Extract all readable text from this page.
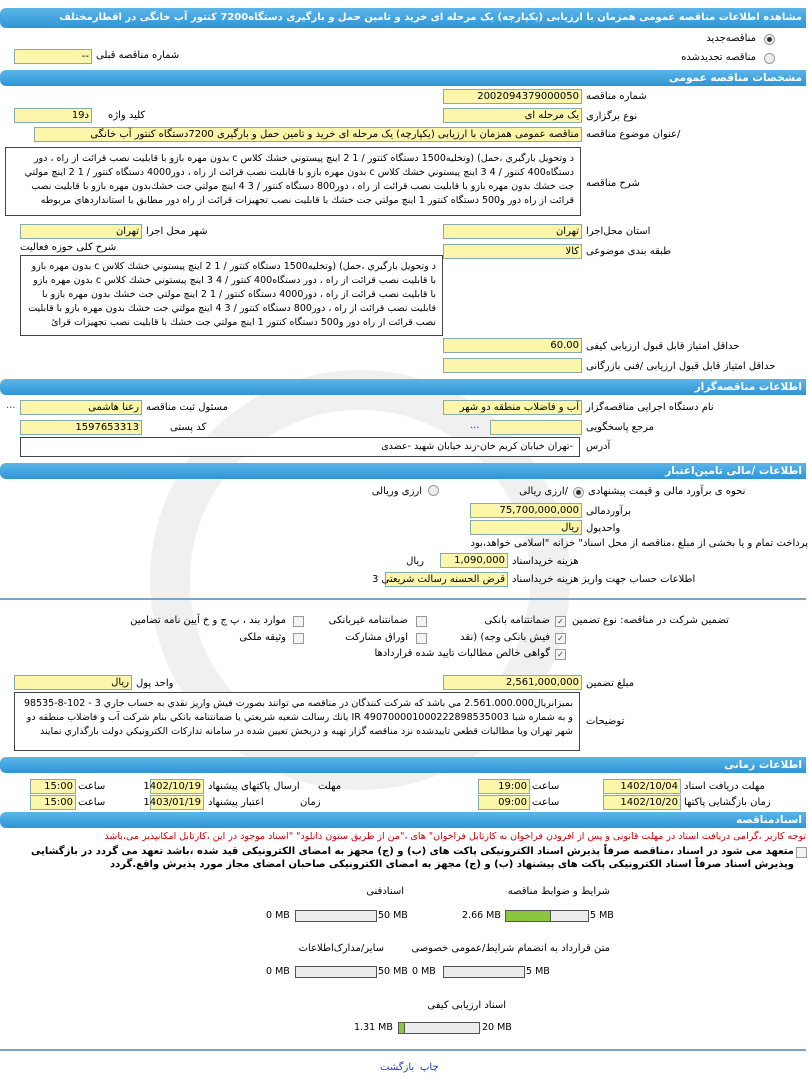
مشاهده اطلاعات مناقصه عمومی همزمان با ارزیابی (یکپارچه) یک مرحله ای خرید و تامین حمل و بارگیری دستگاه7200 کنتور آب خانگی در اقطارمختلف
مناقصه‌جدید
مناقصه تجدیدشده
شماره مناقصه قبلی
--
مشخصات مناقصه عمومی
شماره مناقصه
2002094379000050
نوع برگزاری
یک مرحله ای
کلید واژه
د19
/عنوان موضوع مناقصه
مناقصه عمومی همزمان با ارزیابی (یکپارچه) یک مرحله ای خرید و تامین حمل و بارگیری 7200دستگاه کنتور آب خانگی
د وتحویل بارگیري ،حمل) (وتخلیه1500 دستگاه کنتور / 1 2 اینچ پیستوني خشك کلاس c بدون مهره بازو با قابلیت نصب قرائت از راه ، دور دستگاه400 کنتور / 4 3 اینچ پیستوني خشك کلاس c بدون مهره بازو با قابلیت نصب قرائت از راه ، دور4000 دستگاه کنتور / 1 2 اینچ مولتي جت خشك بدون مهره بازو با قابلیت نصب قرائت از راه ، دور800 دستگاه کنتور / 3 4 اینچ مولتي جت خشك‌بدون مهره بازو با قابلیت نصب قرائت از راه دور و500 دستگاه کنتور 1 اینچ مولتي جت خشك با قابلیت نصب تجهیزات قرائت از راه دور مطابق با استانداردهاي مربوطه
شرح مناقصه
استان محل‌اجرا
تهران
شهر محل اجرا
تهران
طبقه بندی موضوعی
کالا
شرح کلی حوزه فعالیت
د وتحویل بارگیري ،حمل) (وتخلیه1500 دستگاه کنتور / 1 2 اینچ پیستوني خشك کلاس c بدون مهره بازو با قابلیت نصب قرائت از راه ، دور دستگاه400 کنتور / 4 3 اینچ پیستوني خشك کلاس c بدون مهره بازو با قابلیت نصب قرائت از راه ، دور4000 دستگاه کنتور / 1 2 اینچ مولتي جت خشك بدون مهره بازو با قابلیت نصب قرائت از راه ، دور800 دستگاه کنتور / 3 4 اینچ مولتي جت خشك بدون مهره بازو با قابلیت نصب قرائت از راه دور و500 دستگاه کنتور 1 اینچ مولتي جت خشك با قابلیت نصب تجهیزات قرائ
حداقل امتیاز قابل قبول ارزیابی کیفی
60.00
حداقل امتیاز قابل قبول ارزیابی /فنی بازرگانی
اطلاعات مناقصه‌گزار
نام دستگاه اجرایی مناقصه‌گزار
آب و فاضلاب منطقه دو شهر
مسئول ثبت مناقصه
رعنا هاشمی
...
مرجع پاسخگویی
...
کد پستی
1597653313
آدرس
-تهران خیابان کریم خان-زند خیابان شهید -عضدی
اطلاعات /مالی تامین‌اعتبار
نحوه ی برآورد مالی و قیمت پیشنهادی
/ارزی ریالی
ارزی وریالی
برآوردمالی
75,700,000,000
واحدپول
ریال
پرداخت تمام و یا بخشی از مبلغ ،مناقصه از محل اسناد" خزانه "اسلامی خواهد،بود
هزینه خریداسناد
1,090,000
ریال
اطلاعات حساب جهت واریز هزینه خریداسناد
قرض الحسنه رسالت شریعتی 3
تضمین شرکت در مناقصه: نوع تضمین
✓
ضمانتنامه بانکی
ضمانتنامه غیربانکی
موارد بند ، پ ج و خ آیین نامه تضامین
✓
فیش بانکی وجه) (نقد
اوراق مشارکت
وثیقه ملکی
✓
گواهی خالص مطالبات تایید شده قراردادها
مبلغ تضمین
2,561,000,000
واحد پول
ریال
توضیحات
بمیزانریال2.561.000.000 مي باشد که شرکت کنندگان در مناقصه مي توانند بصورت فيش واريز نقدي به حساب جاري 3 - 102-8-98535 و به شماره شبا IR 490700001000222898535003 بانك رسالت شعبه شريعتي يا ضمانتنامه بانکي بنام شرکت آب و فاضلاب منطقه دو شهر تهران ويا مطالبات قطعي تاييدشده نزد مناقصه گزار تهيه و دربخش تعيين شده در سامانه تدارکات الکترونيکي دولت بارگذاري نمايند
اطلاعات زمانی
مهلت دریافت اسناد
1402/10/04
ساعت
19:00
مهلت
ارسال پاکتهای پیشنهاد
1402/10/19
ساعت
15:00
زمان بازگشایی پاکتها
1402/10/20
ساعت
09:00
زمان
اعتبار پیشنهاد
1403/01/19
ساعت
15:00
اسنادمناقصه
توجه کاربر ،گرامی دریافت اسناد در مهلت قانونی و پس از افزودن فراخوان به کارتابل فراخوان" های ،"من از طریق ستون دانلود" "اسناد موجود در این ،کارتابل امکانپذیر می،باشد
متعهد می شود در اسناد ،مناقصه صرفاً پذیرش اسناد الکترونیکی پاکت های (ب) و (ج) مجهز به امضای الکترونیکی قید شده ،باشد تعهد می گردد در بازگشایی وپذیرش اسناد صرفاً اسناد الکترونیکی پاکت های پیشنهاد (ب) و (ج) مجهز به امضای الکترونیکی صاحبان امضای مجاز مورد پذیرش واقع.گردد
شرایط و ضوابط مناقصه
5 MB
2.66 MB
اسنادفنی
50 MB
0 MB
متن قرارداد به انضمام شرایط/عمومی خصوصی
5 MB
0 MB
سایر/مدارک‌اطلاعات
50 MB
0 MB
اسناد ارزیابی کیفی
20 MB
1.31 MB
چاپ
بازگشت
